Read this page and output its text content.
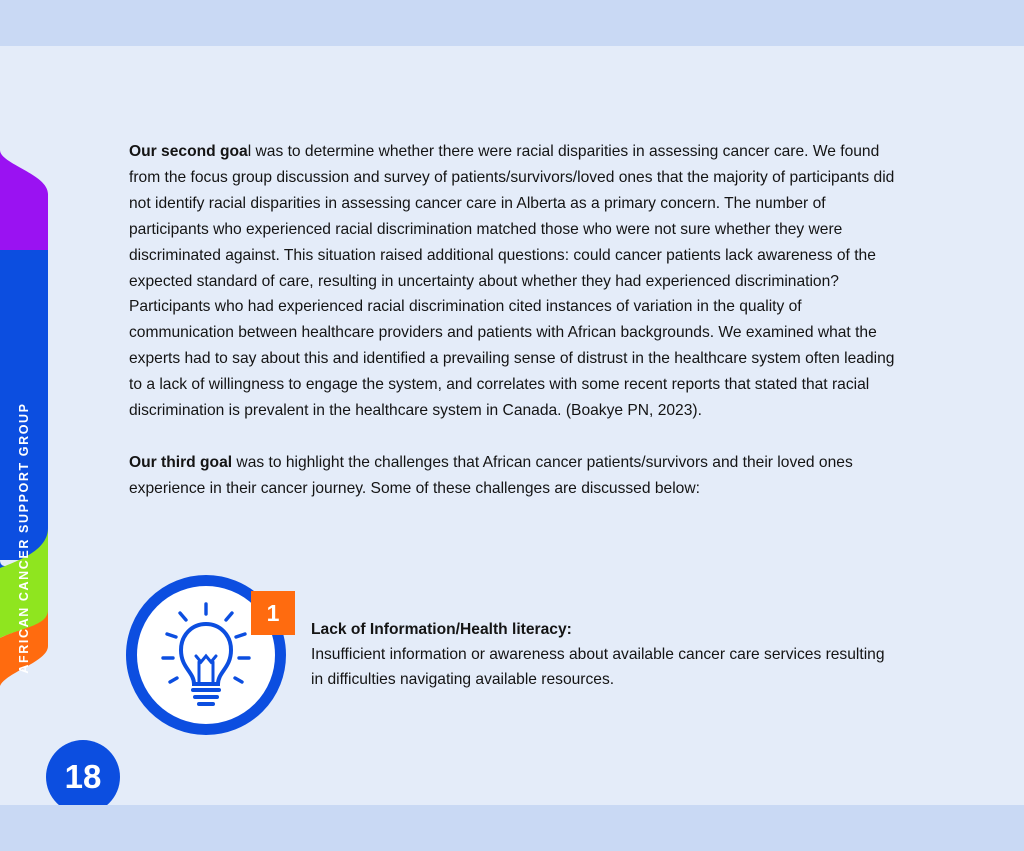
AFRICAN CANCER SUPPORT GROUP

Our second goal was to determine whether there were racial disparities in assessing cancer care. We found from the focus group discussion and survey of patients/survivors/loved ones that the majority of participants did not identify racial disparities in assessing cancer care in Alberta as a primary concern. The number of participants who experienced racial discrimination matched those who were not sure whether they were discriminated against. This situation raised additional questions: could cancer patients lack awareness of the expected standard of care, resulting in uncertainty about whether they had experienced discrimination? Participants who had experienced racial discrimination cited instances of variation in the quality of communication between healthcare providers and patients with African backgrounds. We examined what the experts had to say about this and identified a prevailing sense of distrust in the healthcare system often leading to a lack of willingness to engage the system, and correlates with some recent reports that stated that racial discrimination is prevalent in the healthcare system in Canada. (Boakye PN, 2023).

Our third goal was to highlight the challenges that African cancer patients/survivors and their loved ones experience in their cancer journey. Some of these challenges are discussed below:

1
Lack of Information/Health literacy:
Insufficient information or awareness about available cancer care services resulting in difficulties navigating available resources.
18
